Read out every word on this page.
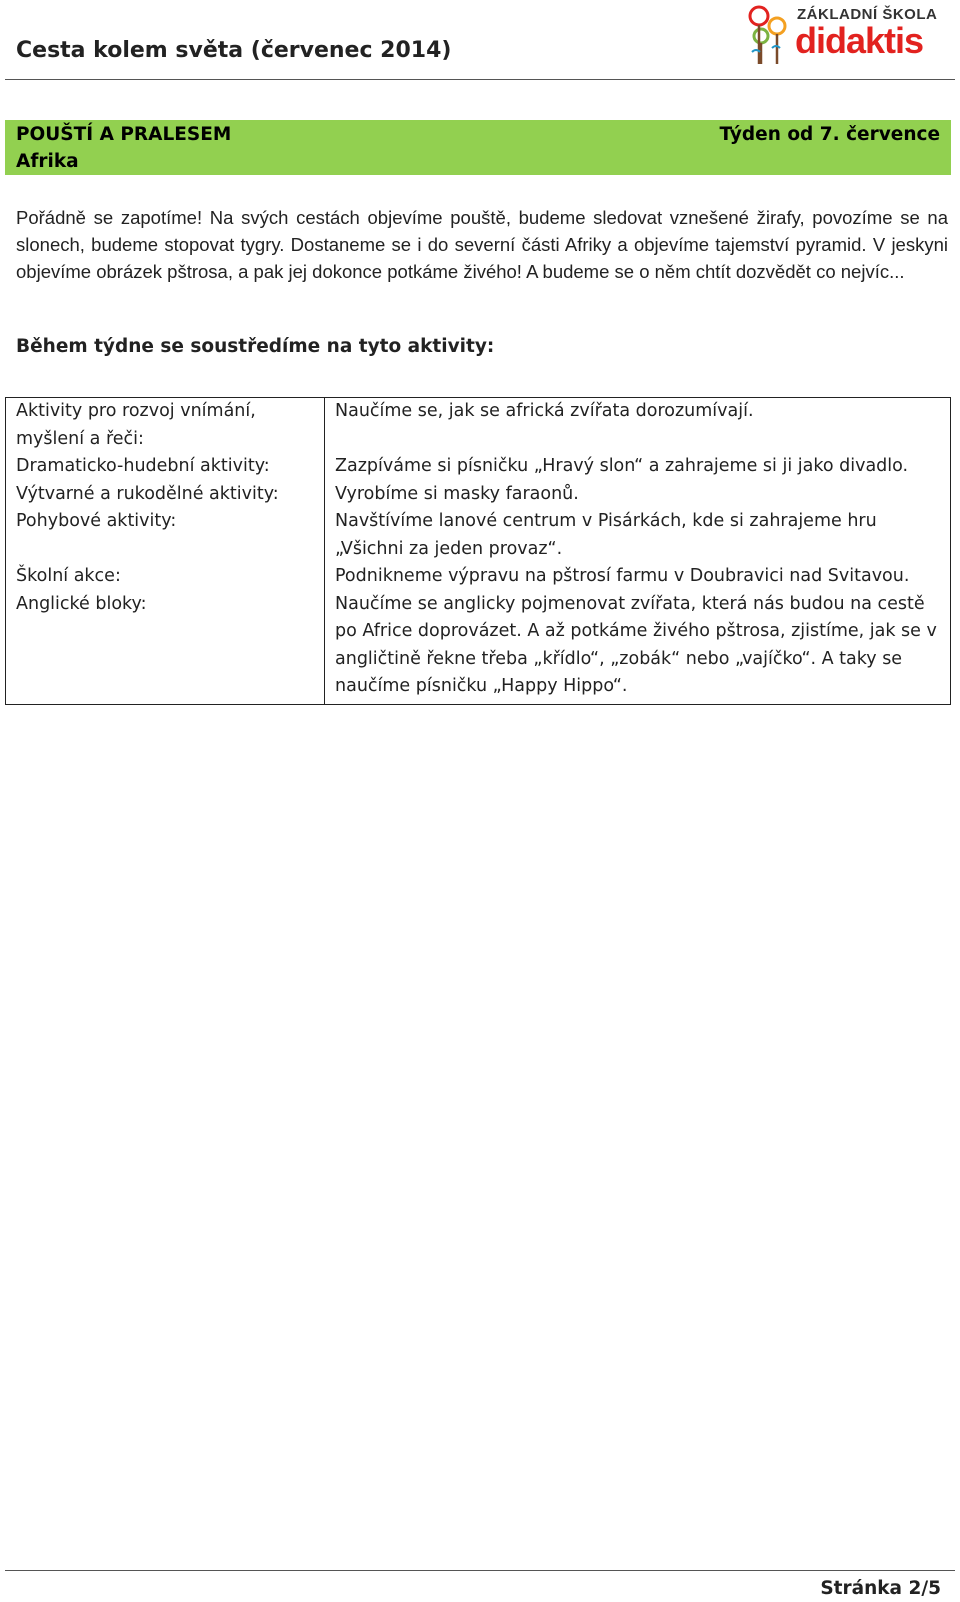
Cesta kolem světa (červenec 2014)
ZÁKLADNÍ ŠKOLA
didaktis
POUŠTÍ A PRALESEM
Afrika
Týden od 7. července
Pořádně se zapotíme! Na svých cestách objevíme pouště, budeme sledovat vznešené žirafy, povozíme se na slonech, budeme stopovat tygry. Dostaneme se i do severní části Afriky a objevíme tajemství pyramid. V jeskyni objevíme obrázek pštrosa, a pak jej dokonce potkáme živého! A budeme se o něm chtít dozvědět co nejvíc...
Během týdne se soustředíme na tyto aktivity:
Aktivity pro rozvoj vnímání, myšlení a řeči:	Naučíme se, jak se africká zvířata dorozumívají.
Dramaticko-hudební aktivity:	Zazpíváme si písničku „Hravý slon“ a zahrajeme si ji jako divadlo.
Výtvarné a rukodělné aktivity:	Vyrobíme si masky faraonů.
Pohybové aktivity:	Navštívíme lanové centrum v Pisárkách, kde si zahrajeme hru „Všichni za jeden provaz“.
Školní akce:	Podnikneme výpravu na pštrosí farmu v Doubravici nad Svitavou.
Anglické bloky:	Naučíme se anglicky pojmenovat zvířata, která nás budou na cestě po Africe doprovázet. A až potkáme živého pštrosa, zjistíme, jak se v angličtině řekne třeba „křídlo“, „zobák“ nebo „vajíčko“. A taky se naučíme písničku „Happy Hippo“.
Stránka 2/5
